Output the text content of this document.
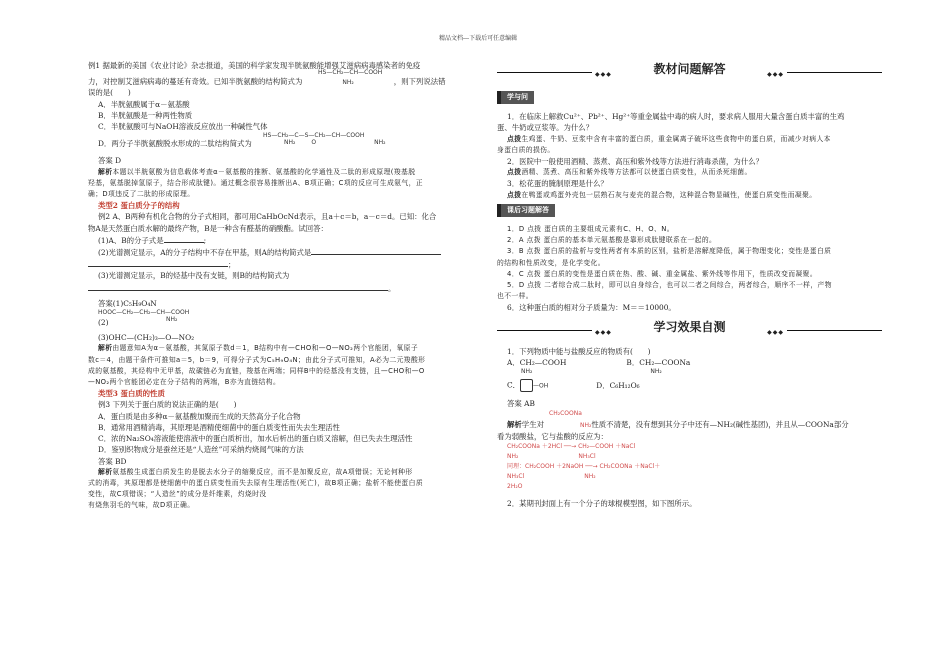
精品文档---下载后可任意编辑

例1 据最新的美国《农业讨论》杂志报道，美国的科学家发现半胱氨酸能增强艾滋病病毒感染者的免疫

HS—CH₂—CH—COOH

力，对控制艾滋病病毒的蔓延有奇效。已知半胱氨酸的结构简式为	NH₂	，则下列说法错

误的是(　　)

A．半胱氨酸属于α－氨基酸

B．半胱氨酸是一种两性物质

C．半胱氨酸可与NaOH溶液反应放出一种碱性气体

HS—CH₂—C—S—CH₂—CH—COOH

NH₂	O	NH₂

D．两分子半胱氨酸脱水形成的二肽结构简式为

答案 D

解析本题以半胱氨酸为信息载体考查α－氨基酸的推断、氨基酸的化学通性及二肽的形成原理(羧基脱

羟基，氨基脱掉氢原子，结合形成肽键)。通过概念很容易推断出A、B项正确；C项的反应可生成氨气，正

确；D项违反了二肽的形成原理。

类型2 蛋白质分子的结构

例2 A、B两种有机化合物的分子式相同，都可用CaHbOcNd表示，且a＋c＝b，a－c＝d。已知：化合

物A是天然蛋白质水解的最终产物，B是一种含有醛基的硝酸酯。试回答：

(1)A、B的分子式是	;

(2)光谱测定显示，A的分子结构中不存在甲基，则A的结构简式是

；

(3)光谱测定显示，B的烃基中没有支链，则B的结构简式为

。

答案(1)C₅H₉O₄N

HOOC—CH₂—CH₂—CH—COOH

NH₂

(2)

(3)OHC—(CH₂)₃—O—NO₂

解析由题意知A为α－氨基酸，其氮原子数d＝1，B结构中有—CHO和—O—NO₂两个官能团，氧原子

数c＝4，由题干条件可推知a＝5，b＝9，可得分子式为C₅H₉O₄N；由此分子式可推知，A必为二元羧酸形

成的氨基酸，其烃构中无甲基，故碳链必为直链，羧基在两端；同样B中的烃基没有支链，且—CHO和—O

—NO₂两个官能团必定在分子结构的两端，B亦为直链结构。

类型3 蛋白质的性质

例3 下列关于蛋白质的说法正确的是(　　)

A．蛋白质是由多种α－氨基酸加聚而生成的天然高分子化合物

B．通常用酒精消毒，其原理是酒精使细菌中的蛋白质变性而失去生理活性

C．浓的Na₂SO₄溶液能使溶液中的蛋白质析出，加水后析出的蛋白质又溶解，但已失去生理活性

D．鉴别织物成分是蚕丝还是“人造丝”可采纳灼烧闻气味的方法

答案 BD

解析氨基酸生成蛋白质发生的是脱去水分子的缩聚反应，而不是加聚反应，故A项错误；无论何种形

式的消毒，其原理都是使细菌中的蛋白质变性而失去原有生理活性(死亡)，故B项正确；盐析不能使蛋白质

变性，故C项错误；“人造丝”的成分是纤维素，灼烧时没

有烧焦羽毛的气味，故D项正确。

◆◆◆	◆◆◆
教材问题解答
学与问

1．在临床上解救Cu²⁺、Pb²⁺、Hg²⁺等重金属盐中毒的病人时，要求病人服用大量含蛋白质丰富的生鸡

蛋、牛奶或豆浆等。为什么？

点拨生鸡蛋、牛奶、豆浆中含有丰富的蛋白质，重金属离子破坏这些食物中的蛋白质，而减少对病人本

身蛋白质的损伤。

2．医院中一般使用酒精、蒸煮、高压和紫外线等方法进行消毒杀菌，为什么？

点拨酒精、蒸煮、高压和紫外线等方法都可以使蛋白质变性，从而杀死细菌。

3．松花蛋的腌制原理是什么？

点拨在鸭蛋或鸡蛋外壳包一层熟石灰与麦壳的混合物，这种混合物显碱性，使蛋白质变性而凝聚。

课后习题解答

1．D 点拨 蛋白质的主要组成元素有C、H、O、N。

2．A 点拨 蛋白质的基本单元氨基酸是靠形成肽键联系在一起的。

3．B 点拨 蛋白质的盐析与变性两者有本质的区别，盐析是溶解度降低，属于物理变化；变性是蛋白质

的结构和性质改变，是化学变化。

4．C 点拨 蛋白质的变性是蛋白质在热、酸、碱、重金属盐、紫外线等作用下，性质改变而凝聚。

5．D 点拨 二者综合成二肽时，即可以自身综合，也可以二者之间综合，两者综合，顺序不一样，产物

也不一样。

6．这种蛋白质的相对分子质量为：M＝＝10000。

◆◆◆	◆◆◆
学习效果自测

1．下列物质中能与盐酸反应的物质有(　　)

A．CH₂—COOH	B．CH₂—COONa

NH₂	NH₂

C． —OH	D．C₆H₁₂O₆

答案 AB

CH₂COONa

解析学生对	NH₂性质不清楚，没有想到其分子中还有—NH₂(碱性基团)，并且从—COONa部分

看为弱酸盐，它与盐酸的反应为：

CH₂COONa ＋2HCl ──→ CH₂—COOH ＋NaCl

NH₂　　　　　　　　　　NH₃Cl

同理：CH₂COOH ＋2NaOH ──→ CH₂COONa ＋NaCl＋

NH₃Cl　　　　　　　　　　NH₂

2H₂O

2．某期刊封面上有一个分子的球棍模型图，如下图所示。
